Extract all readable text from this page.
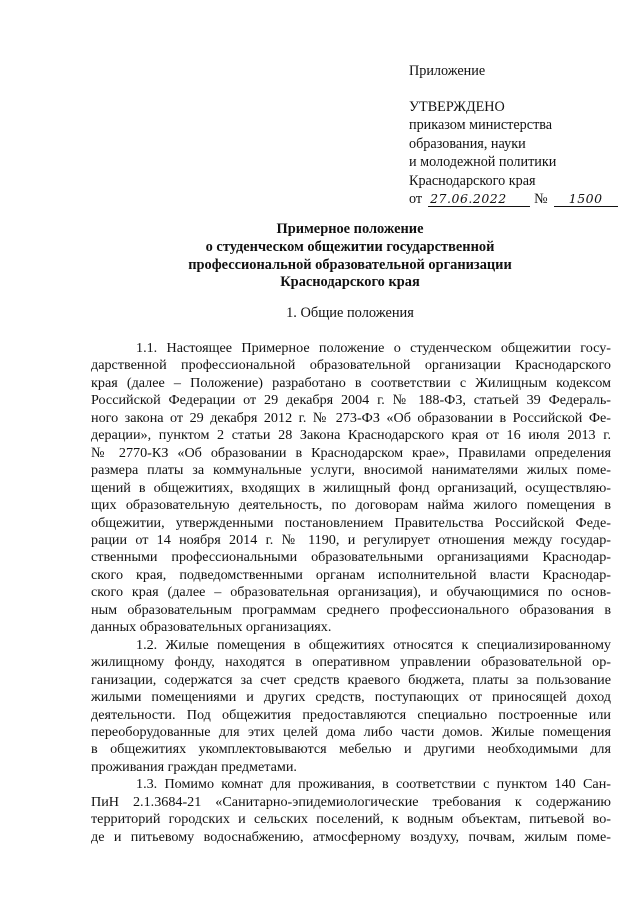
Приложение
УТВЕРЖДЕНО
приказом министерства
образования, науки
и молодежной политики
Краснодарского края
от 27.06.2022 № 1500
Примерное положение
о студенческом общежитии государственной
профессиональной образовательной организации
Краснодарского края
1. Общие положения
1.1. Настоящее Примерное положение о студенческом общежитии госу-
дарственной профессиональной образовательной организации Краснодарского
края (далее – Положение) разработано в соответствии с Жилищным кодексом
Российской Федерации от 29 декабря 2004 г. № 188-ФЗ, статьей 39 Федераль-
ного закона от 29 декабря 2012 г. № 273-ФЗ «Об образовании в Российской Фе-
дерации», пунктом 2 статьи 28 Закона Краснодарского края от 16 июля 2013 г.
№ 2770-КЗ «Об образовании в Краснодарском крае», Правилами определения
размера платы за коммунальные услуги, вносимой нанимателями жилых поме-
щений в общежитиях, входящих в жилищный фонд организаций, осуществляю-
щих образовательную деятельность, по договорам найма жилого помещения в
общежитии, утвержденными постановлением Правительства Российской Феде-
рации от 14 ноября 2014 г. № 1190, и регулирует отношения между государ-
ственными профессиональными образовательными организациями Краснодар-
ского края, подведомственными органам исполнительной власти Краснодар-
ского края (далее – образовательная организация), и обучающимися по основ-
ным образовательным программам среднего профессионального образования в
данных образовательных организациях.
1.2. Жилые помещения в общежитиях относятся к специализированному
жилищному фонду, находятся в оперативном управлении образовательной ор-
ганизации, содержатся за счет средств краевого бюджета, платы за пользование
жилыми помещениями и других средств, поступающих от приносящей доход
деятельности. Под общежития предоставляются специально построенные или
переоборудованные для этих целей дома либо части домов. Жилые помещения
в общежитиях укомплектовываются мебелью и другими необходимыми для
проживания граждан предметами.
1.3. Помимо комнат для проживания, в соответствии с пунктом 140 Сан-
ПиН 2.1.3684-21 «Санитарно-эпидемиологические требования к содержанию
территорий городских и сельских поселений, к водным объектам, питьевой во-
де и питьевому водоснабжению, атмосферному воздуху, почвам, жилым поме-
